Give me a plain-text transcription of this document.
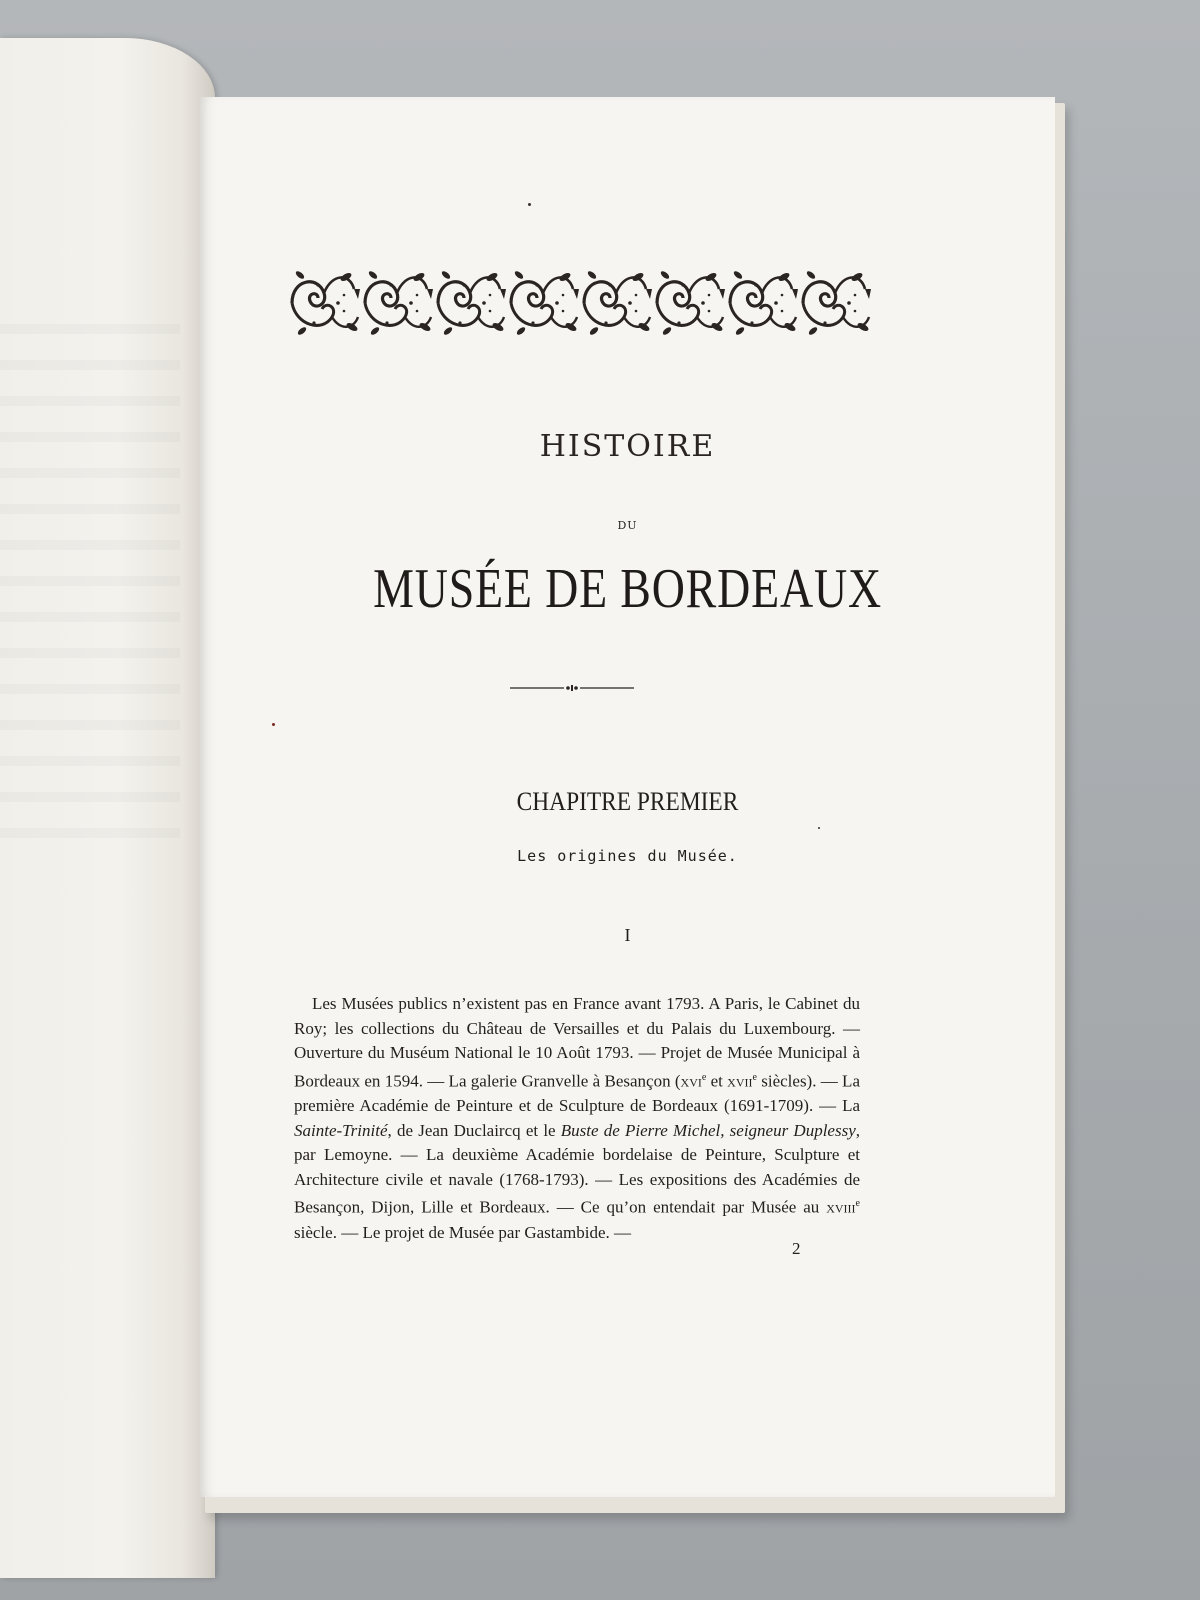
HISTOIRE
DU
MUSÉE DE BORDEAUX
CHAPITRE PREMIER
Les origines du Musée.
I

Les Musées publics n’existent pas en France avant 1793. A Paris, le Cabinet du Roy; les collections du Château de Versailles et du Palais du Luxembourg. — Ouverture du Muséum National le 10 Août 1793. — Projet de Musée Municipal à Bordeaux en 1594. — La galerie Granvelle à Besançon (xvi$^e$ et xvii$^e$ siècles). — La première Académie de Peinture et de Sculpture de Bordeaux (1691-1709). — La Sainte-Trinité, de Jean Duclaircq et le Buste de Pierre Michel, seigneur Duplessy, par Lemoyne. — La deuxième Académie bordelaise de Peinture, Sculpture et Architecture civile et navale (1768-1793). — Les expositions des Académies de Besançon, Dijon, Lille et Bordeaux. — Ce qu’on entendait par Musée au xviii$^e$ siècle. — Le projet de Musée par Gastambide. —

2
